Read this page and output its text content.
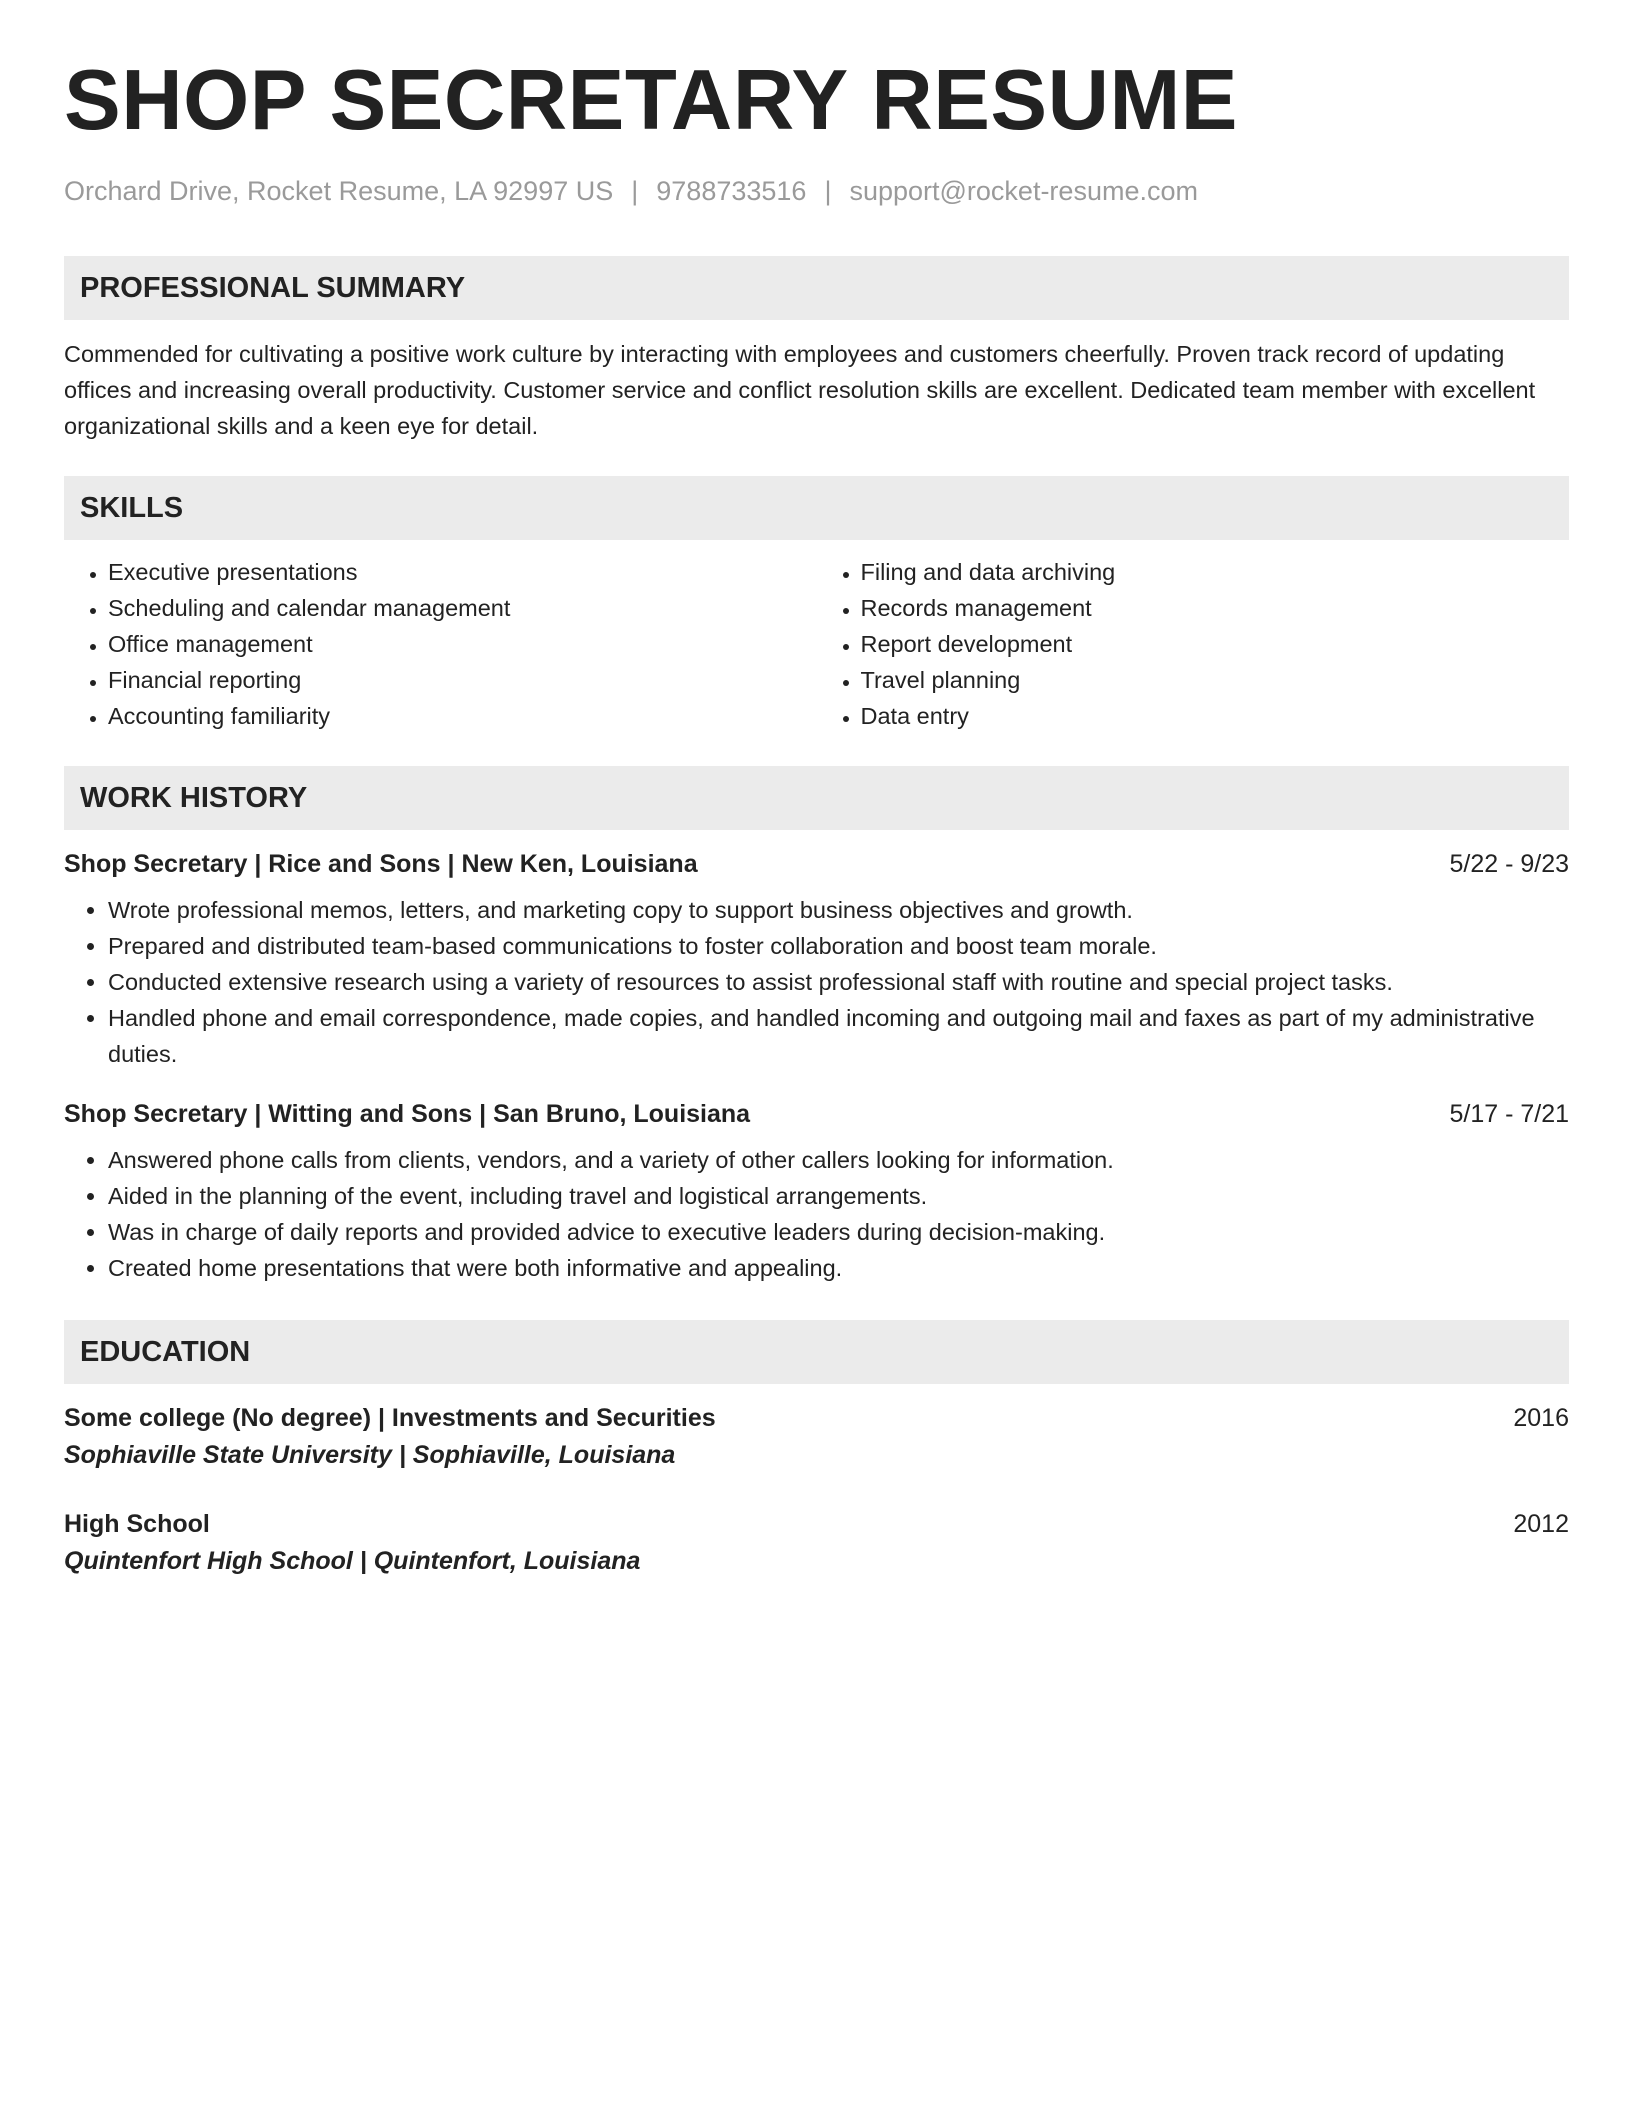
SHOP SECRETARY RESUME
Orchard Drive, Rocket Resume, LA 92997 US | 9788733516 | support@rocket-resume.com
PROFESSIONAL SUMMARY
Commended for cultivating a positive work culture by interacting with employees and customers cheerfully. Proven track record of updating offices and increasing overall productivity. Customer service and conflict resolution skills are excellent. Dedicated team member with excellent organizational skills and a keen eye for detail.
SKILLS
• Executive presentations
• Scheduling and calendar management
• Office management
• Financial reporting
• Accounting familiarity
• Filing and data archiving
• Records management
• Report development
• Travel planning
• Data entry
WORK HISTORY
Shop Secretary | Rice and Sons | New Ken, Louisiana	5/22 - 9/23
• Wrote professional memos, letters, and marketing copy to support business objectives and growth.
• Prepared and distributed team-based communications to foster collaboration and boost team morale.
• Conducted extensive research using a variety of resources to assist professional staff with routine and special project tasks.
• Handled phone and email correspondence, made copies, and handled incoming and outgoing mail and faxes as part of my administrative duties.
Shop Secretary | Witting and Sons | San Bruno, Louisiana	5/17 - 7/21
• Answered phone calls from clients, vendors, and a variety of other callers looking for information.
• Aided in the planning of the event, including travel and logistical arrangements.
• Was in charge of daily reports and provided advice to executive leaders during decision-making.
• Created home presentations that were both informative and appealing.
EDUCATION
Some college (No degree) | Investments and Securities	2016
Sophiaville State University | Sophiaville, Louisiana
High School	2012
Quintenfort High School | Quintenfort, Louisiana
